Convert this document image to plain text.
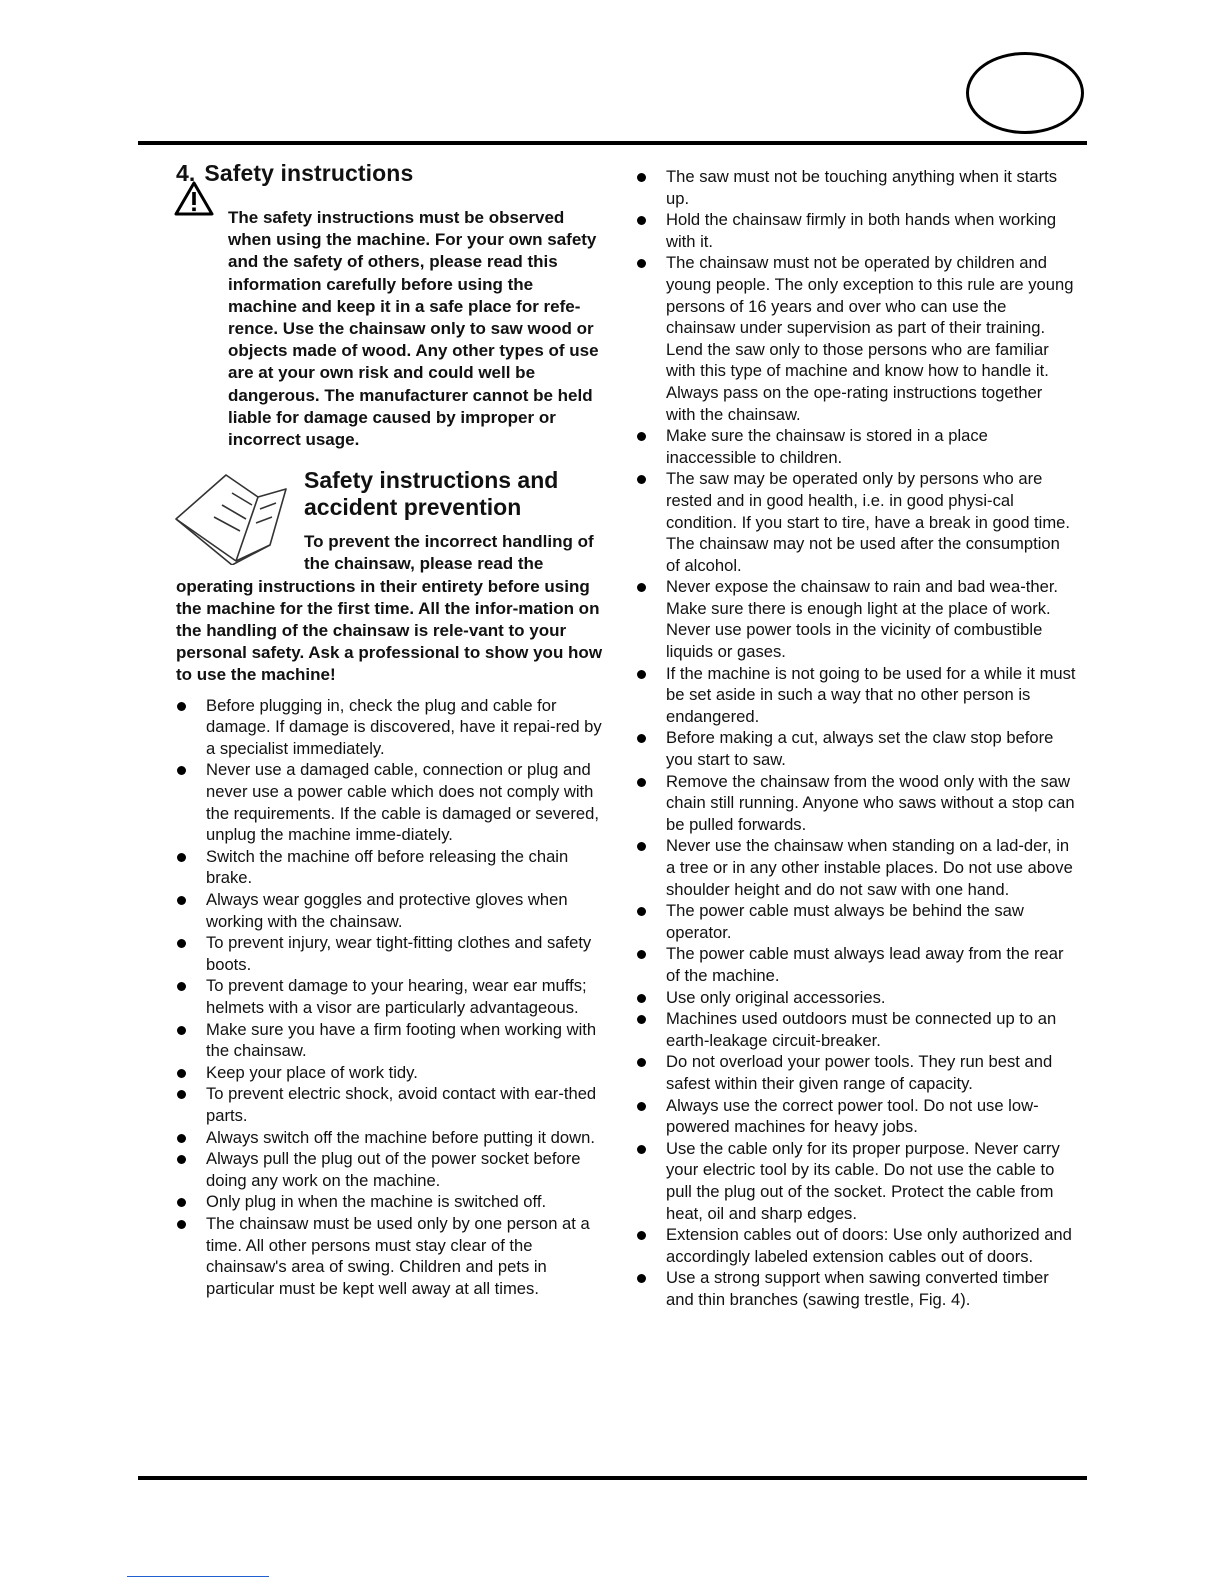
4. Safety instructions
The safety instructions must be observed when using the machine. For your own safety and the safety of others, please read this information carefully before using the machine and keep it in a safe place for refe-rence. Use the chainsaw only to saw wood or objects made of wood. Any other types of use are at your own risk and could well be dangerous. The manufacturer cannot be held liable for damage caused by improper or incorrect usage.
Safety instructions and accident prevention
To prevent the incorrect handling of the chainsaw, please read the operating instructions in their entirety before using the machine for the first time. All the infor-mation on the handling of the chainsaw is rele-vant to your personal safety. Ask a professional to show you how to use the machine!
Before plugging in, check the plug and cable for damage. If damage is discovered, have it repai-red by a specialist immediately.
Never use a damaged cable, connection or plug and never use a power cable which does not comply with the requirements. If the cable is damaged or severed, unplug the machine imme-diately.
Switch the machine off before releasing the chain brake.
Always wear goggles and protective gloves when working with the chainsaw.
To prevent injury, wear tight-fitting clothes and safety boots.
To prevent damage to your hearing, wear ear muffs; helmets with a visor are particularly advantageous.
Make sure you have a firm footing when working with the chainsaw.
Keep your place of work tidy.
To prevent electric shock, avoid contact with ear-thed parts.
Always switch off the machine before putting it down.
Always pull the plug out of the power socket before doing any work on the machine.
Only plug in when the machine is switched off.
The chainsaw must be used only by one person at a time. All other persons must stay clear of the chainsaw's area of swing. Children and pets in particular must be kept well away at all times.
The saw must not be touching anything when it starts up.
Hold the chainsaw firmly in both hands when working with it.
The chainsaw must not be operated by children and young people. The only exception to this rule are young persons of 16 years and over who can use the chainsaw under supervision as part of their training. Lend the saw only to those persons who are familiar with this type of machine and know how to handle it. Always pass on the ope-rating instructions together with the chainsaw.
Make sure the chainsaw is stored in a place inaccessible to children.
The saw may be operated only by persons who are rested and in good health, i.e. in good physi-cal condition. If you start to tire, have a break in good time. The chainsaw may not be used after the consumption of alcohol.
Never expose the chainsaw to rain and bad wea-ther. Make sure there is enough light at the place of work. Never use power tools in the vicinity of combustible liquids or gases.
If the machine is not going to be used for a while it must be set aside in such a way that no other person is endangered.
Before making a cut, always set the claw stop before you start to saw.
Remove the chainsaw from the wood only with the saw chain still running. Anyone who saws without a stop can be pulled forwards.
Never use the chainsaw when standing on a lad-der, in a tree or in any other instable places. Do not use above shoulder height and do not saw with one hand.
The power cable must always be behind the saw operator.
The power cable must always lead away from the rear of the machine.
Use only original accessories.
Machines used outdoors must be connected up to an earth-leakage circuit-breaker.
Do not overload your power tools. They run best and safest within their given range of capacity.
Always use the correct power tool. Do not use low-powered machines for heavy jobs.
Use the cable only for its proper purpose. Never carry your electric tool by its cable. Do not use the cable to pull the plug out of the socket. Protect the cable from heat, oil and sharp edges.
Extension cables out of doors: Use only authorized and accordingly labeled extension cables out of doors.
Use a strong support when sawing converted timber and thin branches (sawing trestle, Fig. 4).
